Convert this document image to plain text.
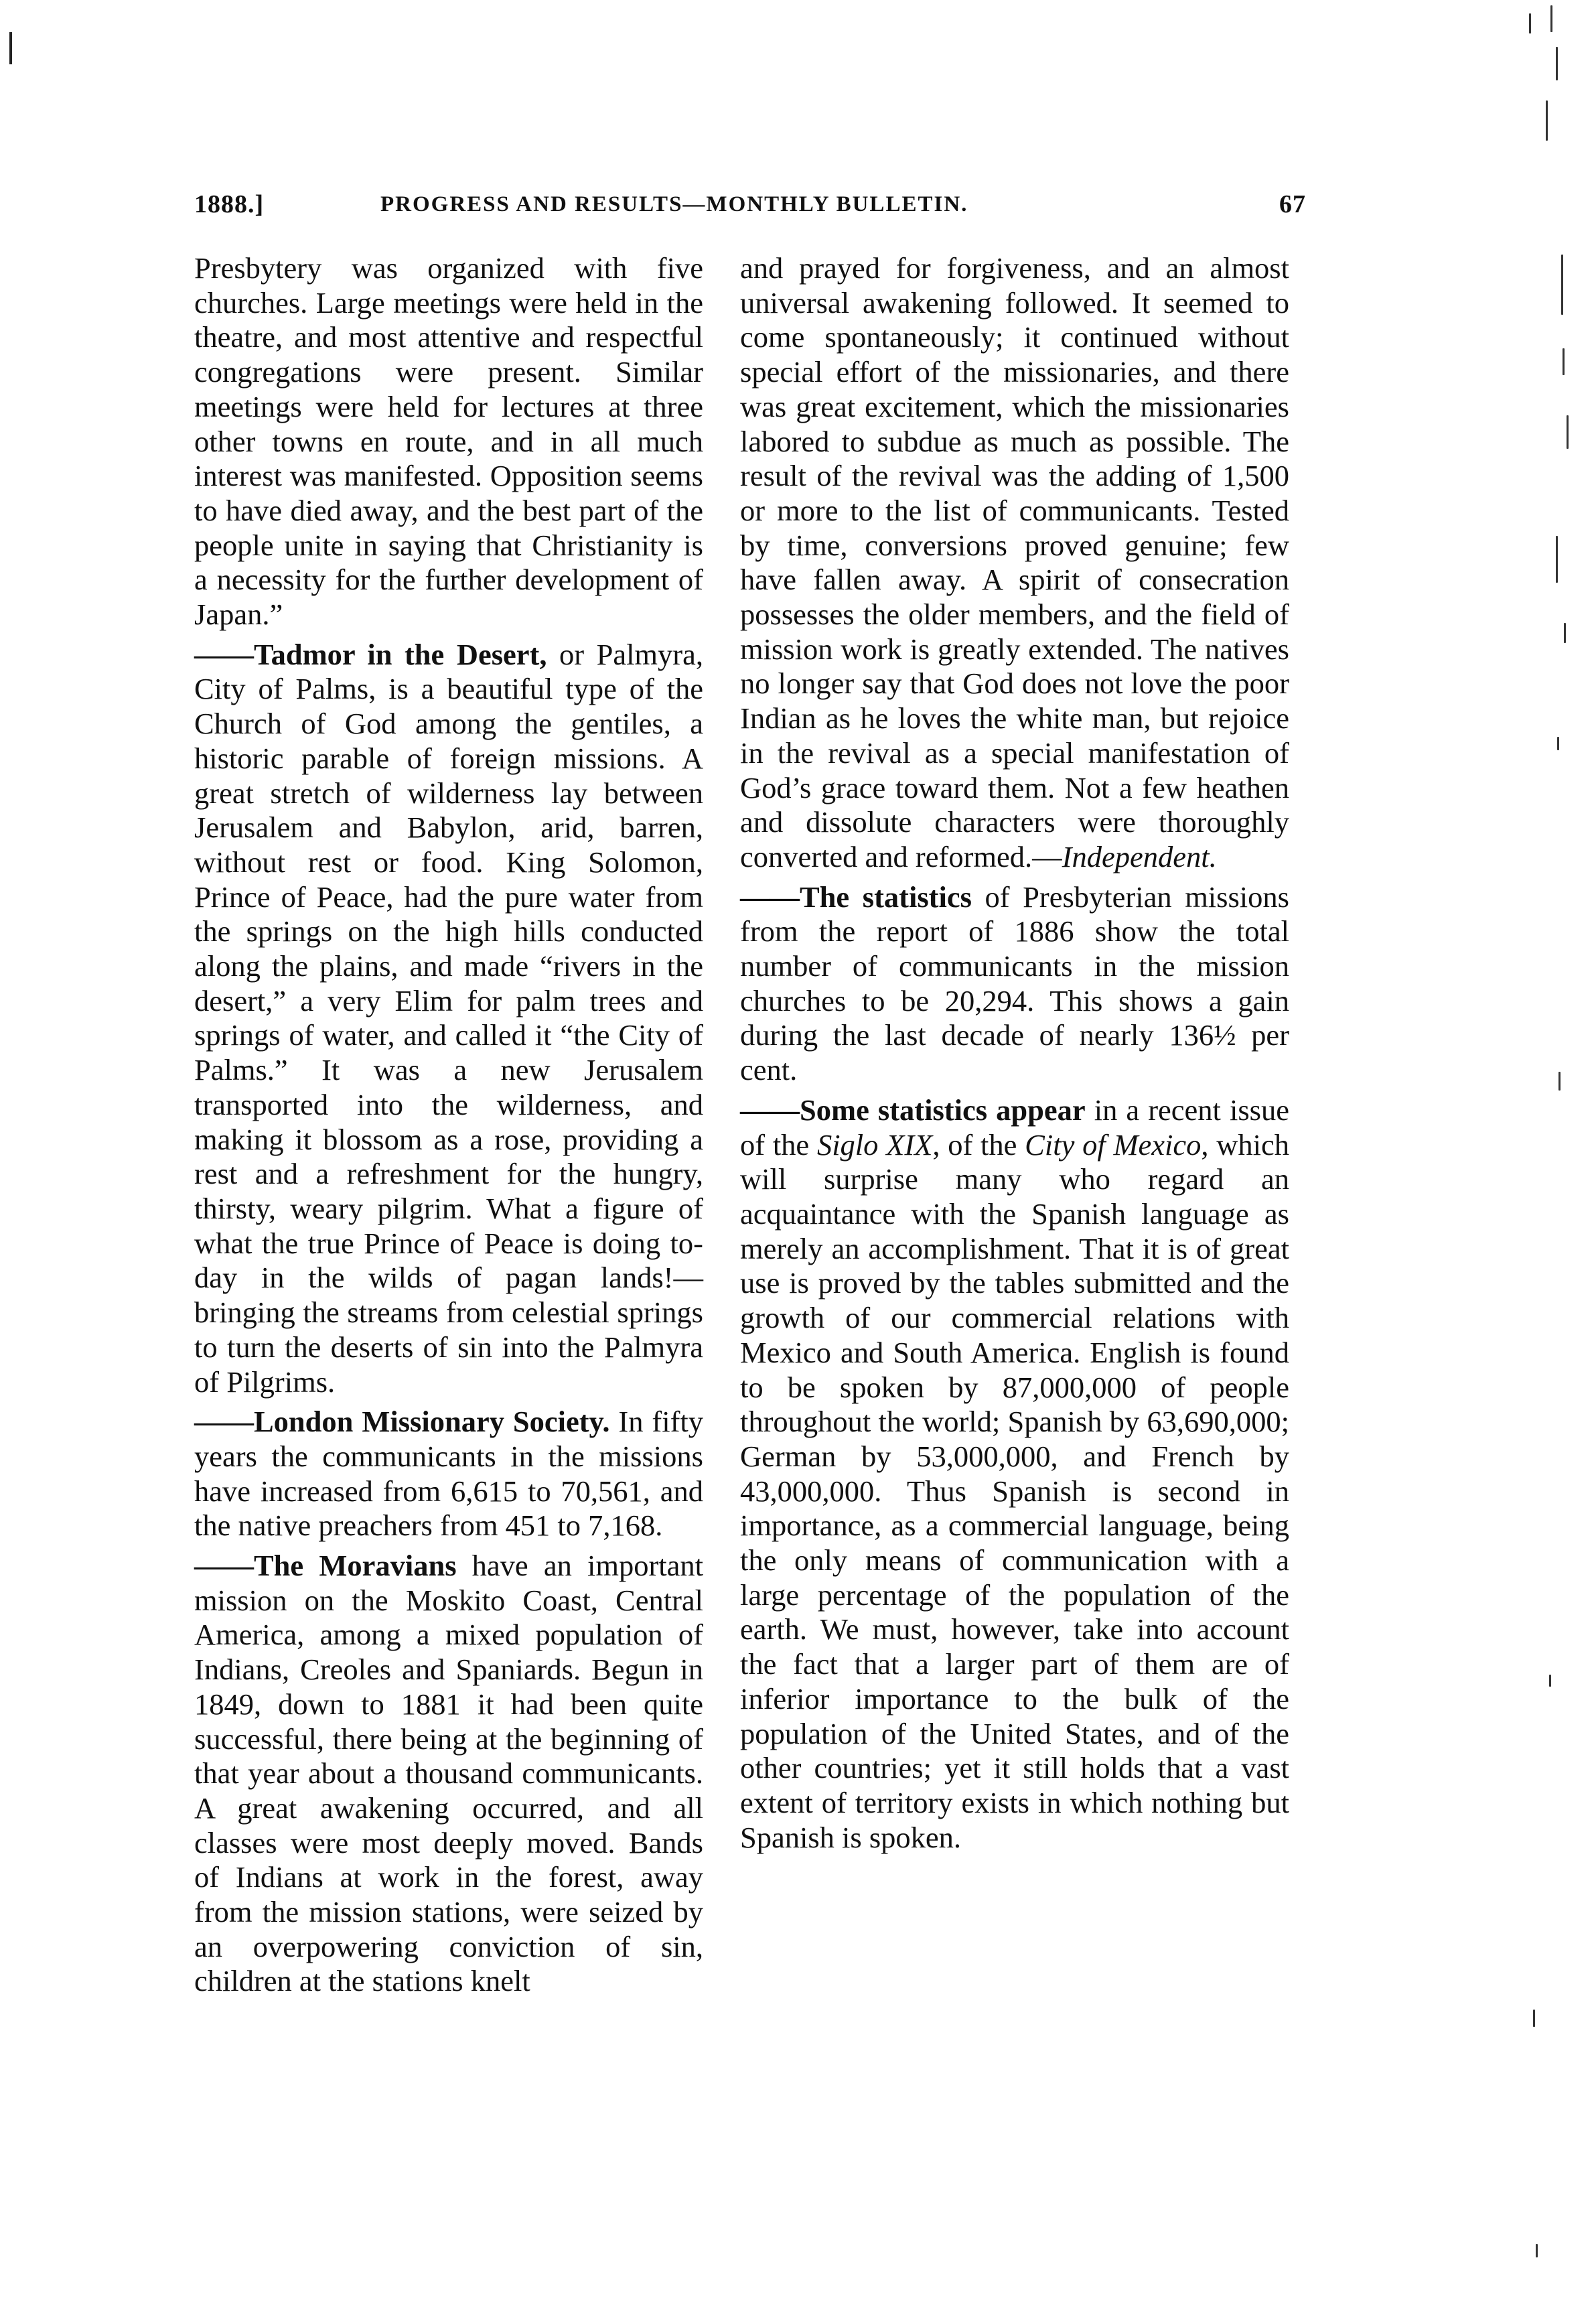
1888.]	PROGRESS AND RESULTS—MONTHLY BULLETIN.	67

Presbytery was organized with five churches. Large meetings were held in the theatre, and most attentive and respectful congregations were present. Similar meetings were held for lectures at three other towns en route, and in all much interest was manifested. Opposition seems to have died away, and the best part of the people unite in saying that Christianity is a necessity for the further development of Japan.”

——Tadmor in the Desert, or Palmyra, City of Palms, is a beautiful type of the Church of God among the gentiles, a historic parable of foreign missions. A great stretch of wilderness lay between Jerusalem and Babylon, arid, barren, without rest or food. King Solomon, Prince of Peace, had the pure water from the springs on the high hills conducted along the plains, and made “rivers in the desert,” a very Elim for palm trees and springs of water, and called it “the City of Palms.” It was a new Jerusalem transported into the wilderness, and making it blossom as a rose, providing a rest and a refreshment for the hungry, thirsty, weary pilgrim. What a figure of what the true Prince of Peace is doing to-day in the wilds of pagan lands!—bringing the streams from celestial springs to turn the deserts of sin into the Palmyra of Pilgrims.

——London Missionary Society. In fifty years the communicants in the missions have increased from 6,615 to 70,561, and the native preachers from 451 to 7,168.

——The Moravians have an important mission on the Moskito Coast, Central America, among a mixed population of Indians, Creoles and Spaniards. Begun in 1849, down to 1881 it had been quite successful, there being at the beginning of that year about a thousand communicants. A great awakening occurred, and all classes were most deeply moved. Bands of Indians at work in the forest, away from the mission stations, were seized by an overpowering conviction of sin, children at the stations knelt

and prayed for forgiveness, and an almost universal awakening followed. It seemed to come spontaneously; it continued without special effort of the missionaries, and there was great excitement, which the missionaries labored to subdue as much as possible. The result of the revival was the adding of 1,500 or more to the list of communicants. Tested by time, conversions proved genuine; few have fallen away. A spirit of consecration possesses the older members, and the field of mission work is greatly extended. The natives no longer say that God does not love the poor Indian as he loves the white man, but rejoice in the revival as a special manifestation of God’s grace toward them. Not a few heathen and dissolute characters were thoroughly converted and reformed.—Independent.

——The statistics of Presbyterian missions from the report of 1886 show the total number of communicants in the mission churches to be 20,294. This shows a gain during the last decade of nearly 136½ per cent.

——Some statistics appear in a recent issue of the Siglo XIX, of the City of Mexico, which will surprise many who regard an acquaintance with the Spanish language as merely an accomplishment. That it is of great use is proved by the tables submitted and the growth of our commercial relations with Mexico and South America. English is found to be spoken by 87,000,000 of people throughout the world; Spanish by 63,690,000; German by 53,000,000, and French by 43,000,000. Thus Spanish is second in importance, as a commercial language, being the only means of communication with a large percentage of the population of the earth. We must, however, take into account the fact that a larger part of them are of inferior importance to the bulk of the population of the United States, and of the other countries; yet it still holds that a vast extent of territory exists in which nothing but Spanish is spoken.
